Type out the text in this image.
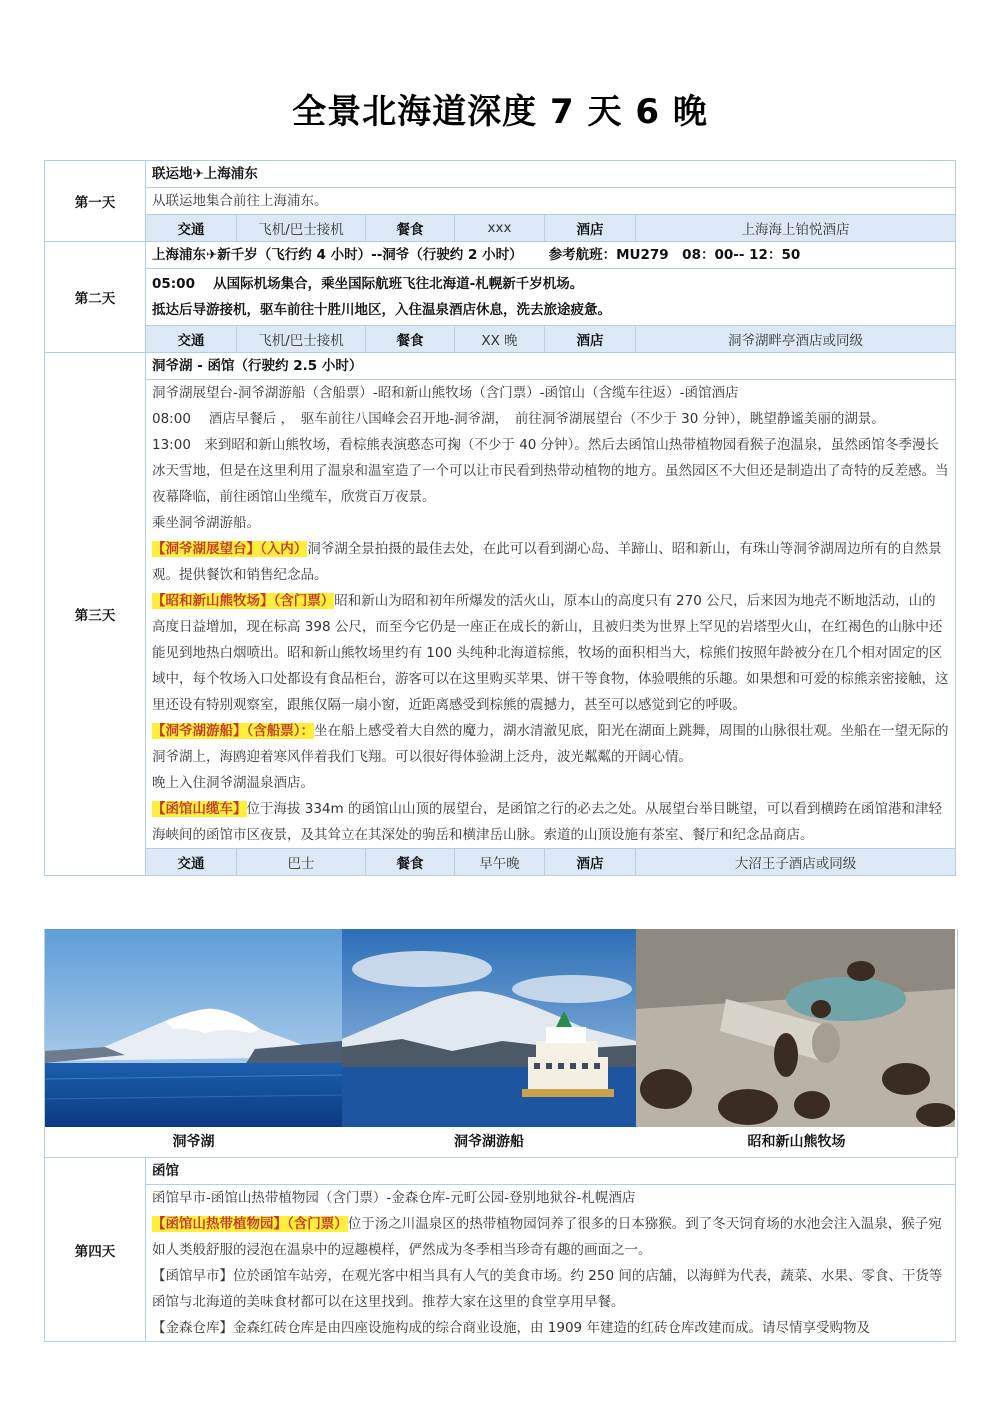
全景北海道深度 7 天 6 晚
第一天	联运地✈上海浦东
从联运地集合前往上海浦东。

交通	飞机/巴士接机	餐食	xxx	酒店	上海海上铂悦酒店

第二天	上海浦东✈新千岁（飞行约 4 小时）--洞爷（行驶约 2 小时） 参考航班：MU279　08：00-- 12：50

05:00　 从国际机场集合，乘坐国际航班飞往北海道-札幌新千岁机场。
抵达后导游接机，驱车前往十胜川地区，入住温泉酒店休息，洗去旅途疲惫。

交通	飞机/巴士接机	餐食	XX 晚	酒店	洞爷湖畔亭酒店或同级

第三天	洞爷湖 - 函馆（行驶约 2.5 小时）

洞爷湖展望台-洞爷湖游船（含船票）-昭和新山熊牧场（含门票）-函馆山（含缆车往返）-函馆酒店
08:00　 酒店早餐后 ，　驱车前往八国峰会召开地-洞爷湖，　前往洞爷湖展望台（不少于 30 分钟），眺望静谧美丽的湖景。
13:00　来到昭和新山熊牧场，看棕熊表演憨态可掬（不少于 40 分钟）。然后去函馆山热带植物园看猴子泡温泉，虽然函馆冬季漫长冰天雪地，但是在这里利用了温泉和温室造了一个可以让市民看到热带动植物的地方。虽然园区不大但还是制造出了奇特的反差感。当夜幕降临，前往函馆山坐缆车，欣赏百万夜景。
乘坐洞爷湖游船。
【洞爷湖展望台】（入内）洞爷湖全景拍摄的最佳去处，在此可以看到湖心岛、羊蹄山、昭和新山，有珠山等洞爷湖周边所有的自然景观。提供餐饮和销售纪念品。
【昭和新山熊牧场】（含门票）昭和新山为昭和初年所爆发的活火山，原本山的高度只有 270 公尺，后来因为地壳不断地活动，山的高度日益增加，现在标高 398 公尺，而至今它仍是一座正在成长的新山，且被归类为世界上罕见的岩塔型火山，在红褐色的山脉中还能见到地热白烟喷出。昭和新山熊牧场里约有 100 头纯种北海道棕熊，牧场的面积相当大，棕熊们按照年龄被分在几个相对固定的区域中，每个牧场入口处都设有食品柜台，游客可以在这里购买苹果、饼干等食物，体验喂熊的乐趣。如果想和可爱的棕熊亲密接触，这里还设有特别观察室，跟熊仅隔一扇小窗，近距离感受到棕熊的震撼力，甚至可以感觉到它的呼吸。
【洞爷湖游船】（含船票）：坐在船上感受着大自然的魔力，湖水清澈见底，阳光在湖面上跳舞，周围的山脉很壮观。坐船在一望无际的洞爷湖上，海鸥迎着寒风伴着我们飞翔。可以很好得体验湖上泛舟，波光粼粼的开阔心情。
晚上入住洞爷湖温泉酒店。
【函馆山缆车】位于海拔 334m 的函馆山山顶的展望台，是函馆之行的必去之处。从展望台举目眺望，可以看到横跨在函馆港和津轻海峡间的函馆市区夜景，及其耸立在其深处的驹岳和横津岳山脉。索道的山顶设施有茶室、餐厅和纪念品商店。

交通	巴士	餐食	早午晚	酒店	大沼王子酒店或同级
洞爷湖	洞爷湖游船	昭和新山熊牧场
第四天	函馆

函馆早市-函馆山热带植物园（含门票）-金森仓库-元町公园-登别地狱谷-札幌酒店
【函馆山热带植物园】（含门票）位于汤之川温泉区的热带植物园饲养了很多的日本猕猴。到了冬天饲育场的水池会注入温泉，猴子宛如人类般舒服的浸泡在温泉中的逗趣模样，俨然成为冬季相当珍奇有趣的画面之一。
【函馆早市】位於函馆车站旁，在观光客中相当具有人气的美食市场。约 250 间的店舗，以海鲜为代表，蔬菜、水果、零食、干货等函馆与北海道的美味食材都可以在这里找到。推荐大家在这里的食堂享用早餐。
【金森仓库】金森红砖仓库是由四座设施构成的综合商业设施，由 1909 年建造的红砖仓库改建而成。请尽情享受购物及
